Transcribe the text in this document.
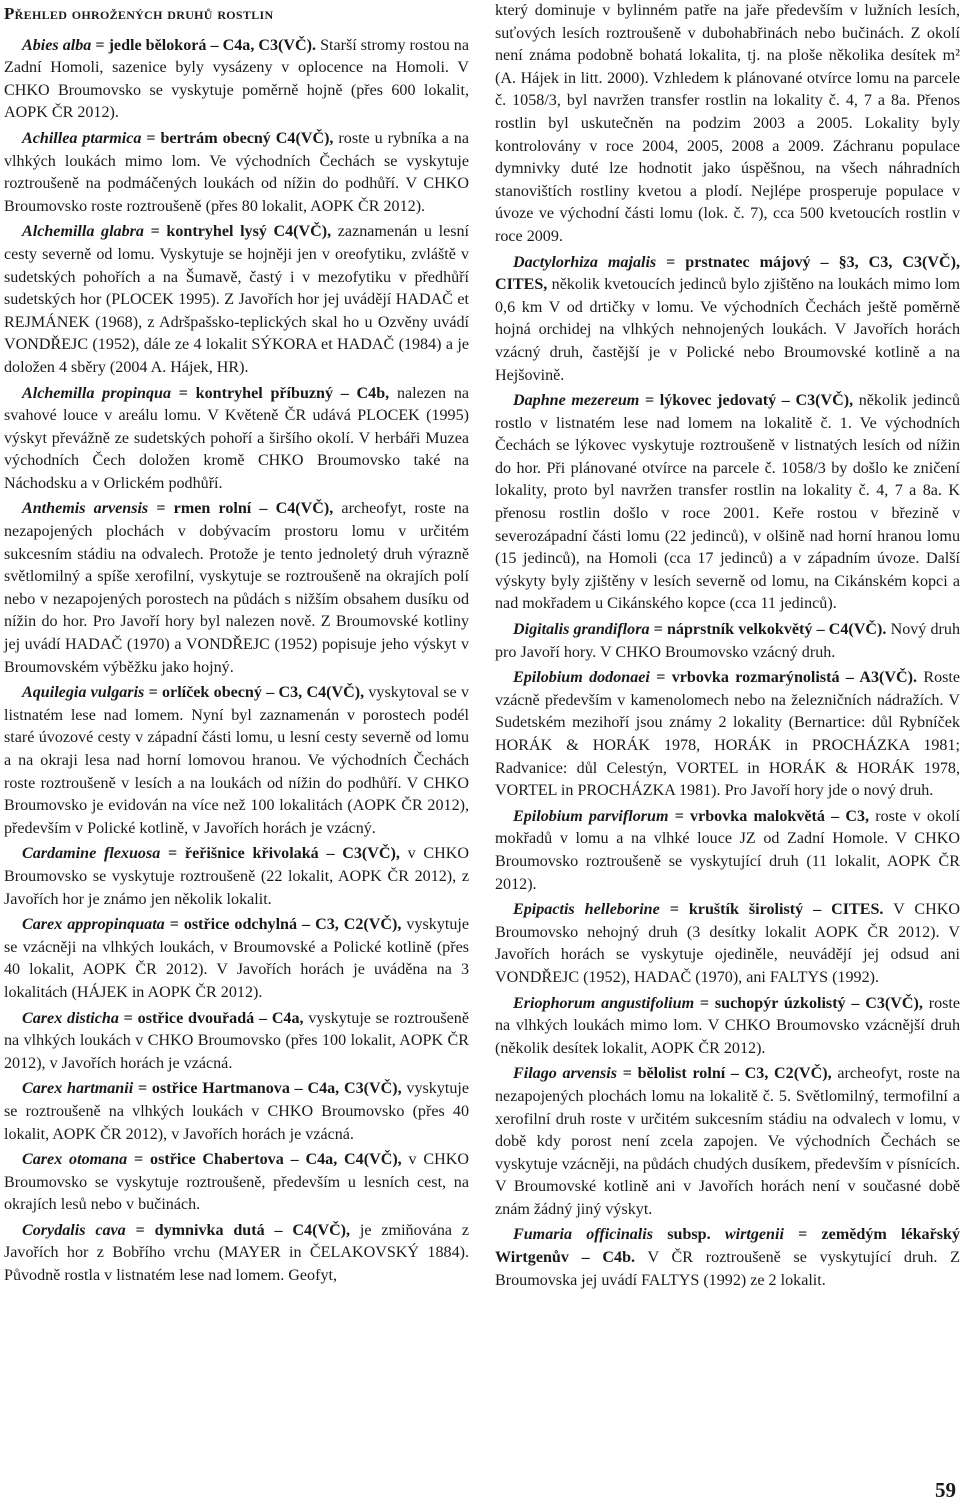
Přehled ohrožených druhů rostlin

Abies alba = jedle bělokorá – C4a, C3(VČ). Starší stromy rostou na Zadní Homoli, sazenice byly vysázeny v oplocence na Homoli. V CHKO Broumovsko se vyskytuje poměrně hojně (přes 600 lokalit, AOPK ČR 2012).

Achillea ptarmica = bertrám obecný C4(VČ), roste u rybníka a na vlhkých loukách mimo lom. Ve východních Čechách se vyskytuje roztroušeně na podmáčených loukách od nížin do podhůří. V CHKO Broumovsko roste roztroušeně (přes 80 lokalit, AOPK ČR 2012).

Alchemilla glabra = kontryhel lysý C4(VČ), zaznamenán u lesní cesty severně od lomu. Vyskytuje se hojněji jen v oreofytiku, zvláště v sudetských pohořích a na Šumavě, častý i v mezofytiku v předhůří sudetských hor (PLOCEK 1995). Z Javořích hor jej uvádějí HADAČ et REJMÁNEK (1968), z Adršpašsko-teplických skal ho u Ozvěny uvádí VONDŘEJC (1952), dále ze 4 lokalit SÝKORA et HADAČ (1984) a je doložen 4 sběry (2004 A. Hájek, HR).

Alchemilla propinqua = kontryhel příbuzný – C4b, nalezen na svahové louce v areálu lomu. V Květeně ČR udává PLOCEK (1995) výskyt převážně ze sudetských pohoří a širšího okolí. V herbáři Muzea východních Čech doložen kromě CHKO Broumovsko také na Náchodsku a v Orlickém podhůří.

Anthemis arvensis = rmen rolní – C4(VČ), archeofyt, roste na nezapojených plochách v dobývacím prostoru lomu v určitém sukcesním stádiu na odvalech. Protože je tento jednoletý druh výrazně světlomilný a spíše xerofilní, vyskytuje se roztroušeně na okrajích polí nebo v nezapojených porostech na půdách s nižším obsahem dusíku od nížin do hor. Pro Javoří hory byl nalezen nově. Z Broumovské kotliny jej uvádí HADAČ (1970) a VONDŘEJC (1952) popisuje jeho výskyt v Broumovském výběžku jako hojný.

Aquilegia vulgaris = orlíček obecný – C3, C4(VČ), vyskytoval se v listnatém lese nad lomem. Nyní byl zaznamenán v porostech podél staré úvozové cesty v západní části lomu, u lesní cesty severně od lomu a na okraji lesa nad horní lomovou hranou. Ve východních Čechách roste roztroušeně v lesích a na loukách od nížin do podhůří. V CHKO Broumovsko je evidován na více než 100 lokalitách (AOPK ČR 2012), především v Polické kotlině, v Javořích horách je vzácný.

Cardamine flexuosa = řeřišnice křivolaká – C3(VČ), v CHKO Broumovsko se vyskytuje roztroušeně (22 lokalit, AOPK ČR 2012), z Javořích hor je známo jen několik lokalit.

Carex appropinquata = ostřice odchylná – C3, C2(VČ), vyskytuje se vzácněji na vlhkých loukách, v Broumovské a Polické kotlině (přes 40 lokalit, AOPK ČR 2012). V Javořích horách je uváděna na 3 lokalitách (HÁJEK in AOPK ČR 2012).

Carex disticha = ostřice dvouřadá – C4a, vyskytuje se roztroušeně na vlhkých loukách v CHKO Broumovsko (přes 100 lokalit, AOPK ČR 2012), v Javořích horách je vzácná.

Carex hartmanii = ostřice Hartmanova – C4a, C3(VČ), vyskytuje se roztroušeně na vlhkých loukách v CHKO Broumovsko (přes 40 lokalit, AOPK ČR 2012), v Javořích horách je vzácná.

Carex otomana = ostřice Chabertova – C4a, C4(VČ), v CHKO Broumovsko se vyskytuje roztroušeně, především u lesních cest, na okrajích lesů nebo v bučinách.

Corydalis cava = dymnivka dutá – C4(VČ), je zmiňována z Javořích hor z Bobřího vrchu (MAYER in ČELAKOVSKÝ 1884). Původně rostla v listnatém lese nad lomem. Geofyt,

který dominuje v bylinném patře na jaře především v lužních lesích, suťových lesích roztroušeně v dubohabřinách nebo bučinách. Z okolí není známa podobně bohatá lokalita, tj. na ploše několika desítek m² (A. Hájek in litt. 2000). Vzhledem k plánované otvírce lomu na parcele č. 1058/3, byl navržen transfer rostlin na lokality č. 4, 7 a 8a. Přenos rostlin byl uskutečněn na podzim 2003 a 2005. Lokality byly kontrolovány v roce 2004, 2005, 2008 a 2009. Záchranu populace dymnivky duté lze hodnotit jako úspěšnou, na všech náhradních stanovištích rostliny kvetou a plodí. Nejlépe prosperuje populace v úvoze ve východní části lomu (lok. č. 7), cca 500 kvetoucích rostlin v roce 2009.

Dactylorhiza majalis = prstnatec májový – §3, C3, C3(VČ), CITES, několik kvetoucích jedinců bylo zjištěno na loukách mimo lom 0,6 km V od drtičky v lomu. Ve východních Čechách ještě poměrně hojná orchidej na vlhkých nehnojených loukách. V Javořích horách vzácný druh, častější je v Polické nebo Broumovské kotlině a na Hejšovině.

Daphne mezereum = lýkovec jedovatý – C3(VČ), několik jedinců rostlo v listnatém lese nad lomem na lokalitě č. 1. Ve východních Čechách se lýkovec vyskytuje roztroušeně v listnatých lesích od nížin do hor. Při plánované otvírce na parcele č. 1058/3 by došlo ke zničení lokality, proto byl navržen transfer rostlin na lokality č. 4, 7 a 8a. K přenosu rostlin došlo v roce 2001. Keře rostou v březině v severozápadní části lomu (22 jedinců), v olšině nad horní hranou lomu (15 jedinců), na Homoli (cca 17 jedinců) a v západním úvoze. Další výskyty byly zjištěny v lesích severně od lomu, na Cikánském kopci a nad mokřadem u Cikánského kopce (cca 11 jedinců).

Digitalis grandiflora = náprstník velkokvětý – C4(VČ). Nový druh pro Javoří hory. V CHKO Broumovsko vzácný druh.

Epilobium dodonaei = vrbovka rozmarýnolistá – A3(VČ). Roste vzácně především v kamenolomech nebo na železničních nádražích. V Sudetském mezihoří jsou známy 2 lokality (Bernartice: důl Rybníček HORÁK & HORÁK 1978, HORÁK in PROCHÁZKA 1981; Radvanice: důl Celestýn, VORTEL in HORÁK & HORÁK 1978, VORTEL in PROCHÁZKA 1981). Pro Javoří hory jde o nový druh.

Epilobium parviflorum = vrbovka malokvětá – C3, roste v okolí mokřadů v lomu a na vlhké louce JZ od Zadní Homole. V CHKO Broumovsko roztroušeně se vyskytující druh (11 lokalit, AOPK ČR 2012).

Epipactis helleborine = kruštík širolistý – CITES. V CHKO Broumovsko nehojný druh (3 desítky lokalit AOPK ČR 2012). V Javořích horách se vyskytuje ojediněle, neuvádějí jej odsud ani VONDŘEJC (1952), HADAČ (1970), ani FALTYS (1992).

Eriophorum angustifolium = suchopýr úzkolistý – C3(VČ), roste na vlhkých loukách mimo lom. V CHKO Broumovsko vzácnější druh (několik desítek lokalit, AOPK ČR 2012).

Filago arvensis = bělolist rolní – C3, C2(VČ), archeofyt, roste na nezapojených plochách lomu na lokalitě č. 5. Světlomilný, termofilní a xerofilní druh roste v určitém sukcesním stádiu na odvalech v lomu, v době kdy porost není zcela zapojen. Ve východních Čechách se vyskytuje vzácněji, na půdách chudých dusíkem, především v písnících. V Broumovské kotlině ani v Javořích horách není v současné době znám žádný jiný výskyt.

Fumaria officinalis subsp. wirtgenii = zemědým lékařský Wirtgenův – C4b. V ČR roztroušeně se vyskytující druh. Z Broumovska jej uvádí FALTYS (1992) ze 2 lokalit.

59
